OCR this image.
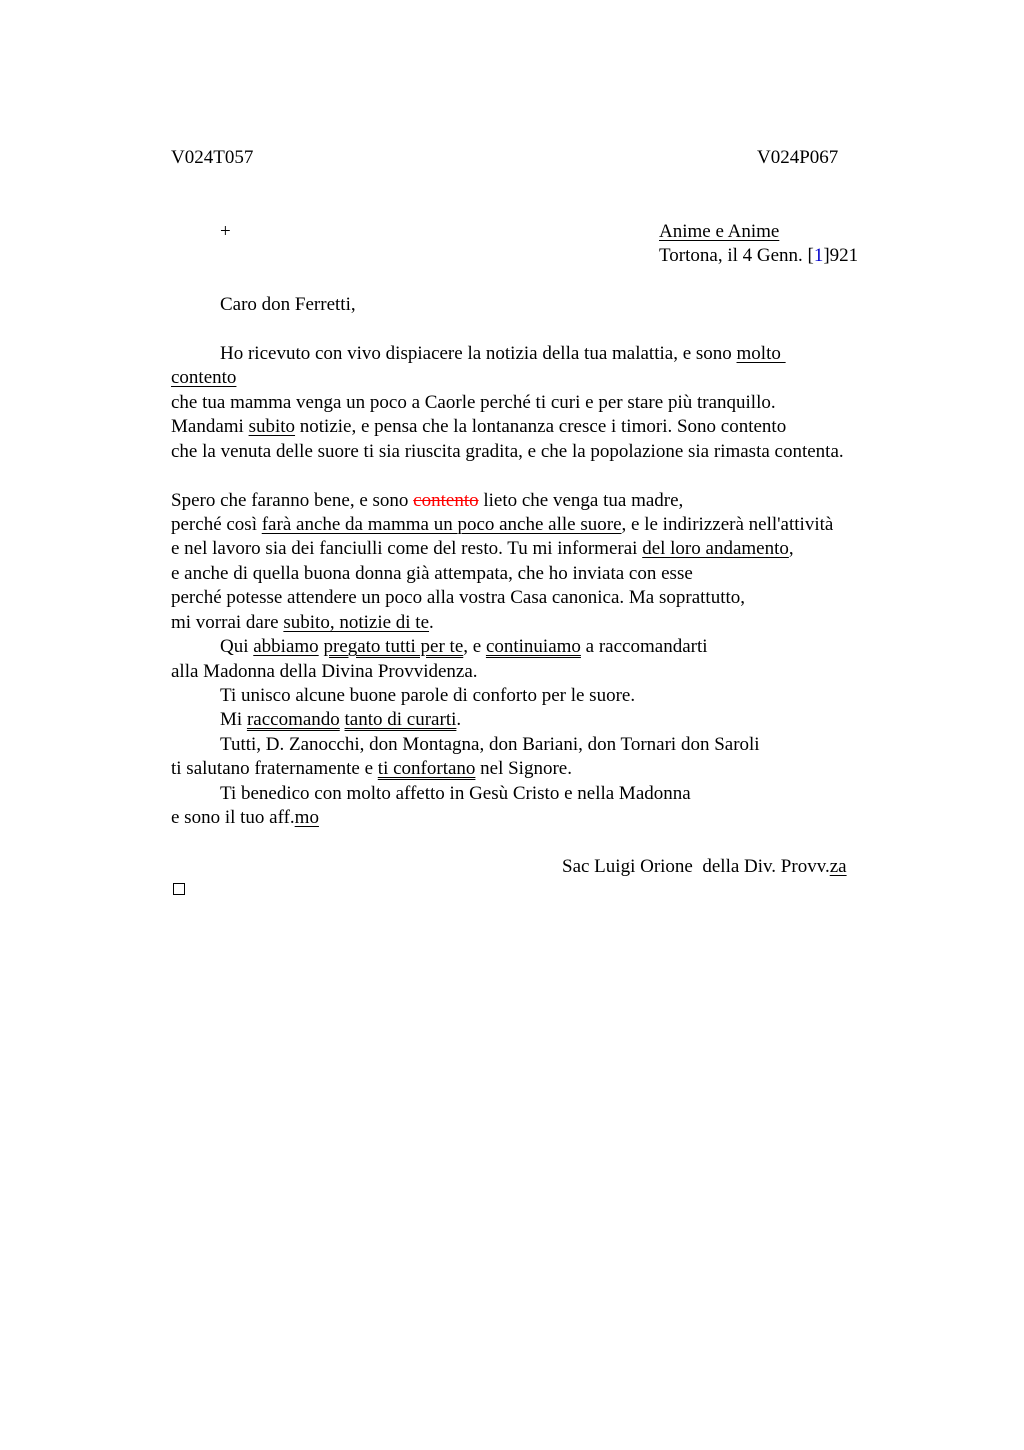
V024T057	V024P067
+	Anime e Anime
Tortona, il 4 Genn. [1]921
Caro don Ferretti,
Ho ricevuto con vivo dispiacere la notizia della tua malattia, e sono molto
contento
che tua mamma venga un poco a Caorle perché ti curi e per stare più tranquillo.
Mandami subito notizie, e pensa che la lontananza cresce i timori. Sono contento
che la venuta delle suore ti sia riuscita gradita, e che la popolazione sia rimasta contenta.
Spero che faranno bene, e sono contento lieto che venga tua madre,
perché così farà anche da mamma un poco anche alle suore, e le indirizzerà nell'attività
e nel lavoro sia dei fanciulli come del resto. Tu mi informerai del loro andamento,
e anche di quella buona donna già attempata, che ho inviata con esse
perché potesse attendere un poco alla vostra Casa canonica. Ma soprattutto,
mi vorrai dare subito, notizie di te.
Qui abbiamo pregato tutti per te, e continuiamo a raccomandarti
alla Madonna della Divina Provvidenza.
Ti unisco alcune buone parole di conforto per le suore.
Mi raccomando tanto di curarti.
Tutti, D. Zanocchi, don Montagna, don Bariani, don Tornari don Saroli
ti salutano fraternamente e ti confortano nel Signore.
Ti benedico con molto affetto in Gesù Cristo e nella Madonna
e sono il tuo aff.mo
Sac Luigi Orione  della Div. Provv.za
